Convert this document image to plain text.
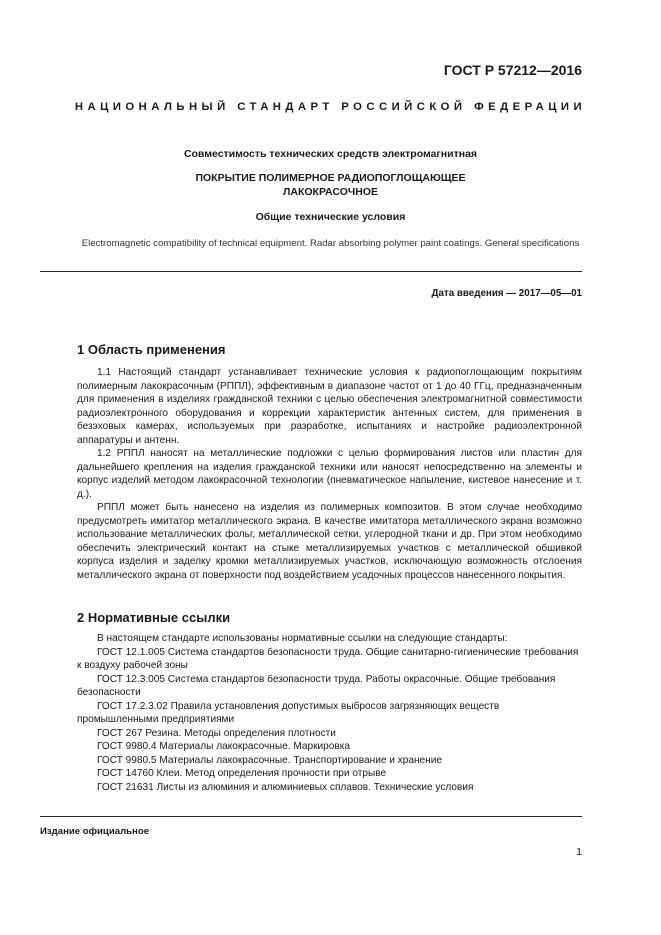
ГОСТ Р 57212—2016
НАЦИОНАЛЬНЫЙ СТАНДАРТ РОССИЙСКОЙ ФЕДЕРАЦИИ
Совместимость технических средств электромагнитная
ПОКРЫТИЕ ПОЛИМЕРНОЕ РАДИОПОГЛОЩАЮЩЕЕ
ЛАКОКРАСОЧНОЕ
Общие технические условия
Electromagnetic compatibility of technical equipment. Radar absorbing polymer paint coatings. General specifications
Дата введения — 2017—05—01
1 Область применения

1.1 Настоящий стандарт устанавливает технические условия к радиопоглощающим покрытиям полимерным лакокрасочным (РППЛ), эффективным в диапазоне частот от 1 до 40 ГГц, предназначенным для применения в изделиях гражданской техники с целью обеспечения электромагнитной совместимости радиоэлектронного оборудования и коррекции характеристик антенных систем, для применения в безэховых камерах, используемых при разработке, испытаниях и настройке радиоэлектронной аппаратуры и антенн.

1.2 РППЛ наносят на металлические подложки с целью формирования листов или пластин для дальнейшего крепления на изделия гражданской техники или наносят непосредственно на элементы и корпус изделий методом лакокрасочной технологии (пневматическое напыление, кистевое нанесение и т. д.).

РППЛ может быть нанесено на изделия из полимерных композитов. В этом случае необходимо предусмотреть имитатор металлического экрана. В качестве имитатора металлического экрана возможно использование металлических фольг, металлической сетки, углеродной ткани и др. При этом необходимо обеспечить электрический контакт на стыке металлизируемых участков с металлической обшивкой корпуса изделия и заделку кромки металлизируемых участков, исключающую возможность отслоения металлического экрана от поверхности под воздействием усадочных процессов нанесенного покрытия.

2 Нормативные ссылки

В настоящем стандарте использованы нормативные ссылки на следующие стандарты:

ГОСТ 12.1.005 Система стандартов безопасности труда. Общие санитарно-гигиенические требования к воздуху рабочей зоны

ГОСТ 12.3.005 Система стандартов безопасности труда. Работы окрасочные. Общие требования безопасности

ГОСТ 17.2.3.02 Правила установления допустимых выбросов загрязняющих веществ промышленными предприятиями

ГОСТ 267 Резина. Методы определения плотности

ГОСТ 9980.4 Материалы лакокрасочные. Маркировка

ГОСТ 9980.5 Материалы лакокрасочные. Транспортирование и хранение

ГОСТ 14760 Клеи. Метод определения прочности при отрыве

ГОСТ 21631 Листы из алюминия и алюминиевых сплавов. Технические условия

Издание официальное
1
